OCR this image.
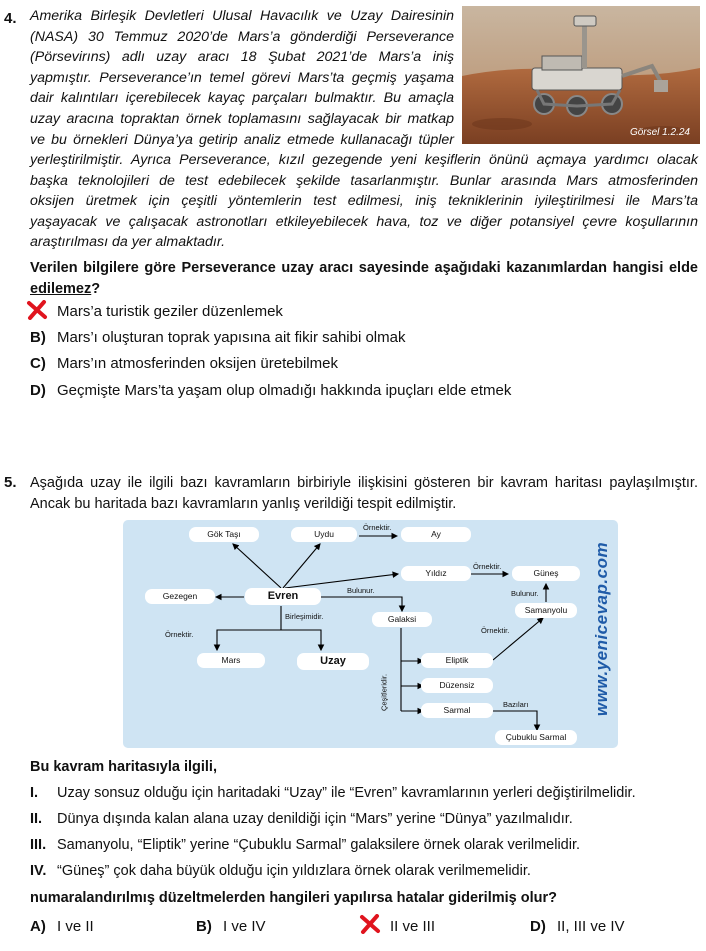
4. Amerika Birleşik Devletleri Ulusal Havacılık ve Uzay Dairesinin
(NASA) 30 Temmuz 2020’de Mars’a gönderdiği Perseverance
(Pörsevirıns) adlı uzay aracı 18 Şubat 2021’de Mars’a iniş
yapmıştır. Perseverance’ın temel görevi Mars’ta geçmiş yaşama
dair kalıntıları içerebilecek kayaç parçaları bulmaktır. Bu amaçla
uzay aracına topraktan örnek toplamasını sağlayacak bir matkap
ve bu örnekleri Dünya’ya getirip analiz etmede kullanacağı tüpler
yerleştirilmiştir. Ayrıca Perseverance, kızıl gezegende yeni keşiflerin önünü açmaya yardımcı olacak
başka teknolojileri de test edebilecek şekilde tasarlanmıştır. Bunlar arasında Mars atmosferinden
oksijen üretmek için çeşitli yöntemlerin test edilmesi, iniş tekniklerinin iyileştirilmesi ile Mars’ta
yaşayacak ve çalışacak astronotları etkileyebilecek hava, toz ve diğer potansiyel çevre koşullarının
araştırılması da yer almaktadır.
Görsel 1.2.24
Verilen bilgilere göre Perseverance uzay aracı sayesinde aşağıdaki kazanımlardan hangisi elde
edilemez?
Mars’a turistik geziler düzenlemek
B) Mars’ı oluşturan toprak yapısına ait fikir sahibi olmak
C) Mars’ın atmosferinden oksijen üretebilmek
D) Geçmişte Mars’ta yaşam olup olmadığı hakkında ipuçları elde etmek
5. Aşağıda uzay ile ilgili bazı kavramların birbiriyle ilişkisini gösteren bir kavram haritası paylaşılmıştır.
Ancak bu haritada bazı kavramların yanlış verildiği tespit edilmiştir.
Gök Taşı	Uydu	Ay
Yıldız	Güneş
Gezegen	Evren
Galaksi
Samanyolu
Mars	Uzay	Eliptik
Düzensiz
Sarmal
Çubuklu Sarmal
Örnektir.
Örnektir.
Bulunur.	Bulunur.
Birleşimidir.
Örnektir.	Örnektir.
Çeşitleridir.	Bazıları	www.yenicevap.com
Bu kavram haritasıyla ilgili,
I. Uzay sonsuz olduğu için haritadaki “Uzay” ile “Evren” kavramlarının yerleri değiştirilmelidir.
II. Dünya dışında kalan alana uzay denildiği için “Mars” yerine “Dünya” yazılmalıdır.
III. Samanyolu, “Eliptik” yerine “Çubuklu Sarmal” galaksilere örnek olarak verilmelidir.
IV. “Güneş” çok daha büyük olduğu için yıldızlara örnek olarak verilmemelidir.
numaralandırılmış düzeltmelerden hangileri yapılırsa hatalar giderilmiş olur?
A) I ve II	B) I ve IV	II ve III	D) II, III ve IV
